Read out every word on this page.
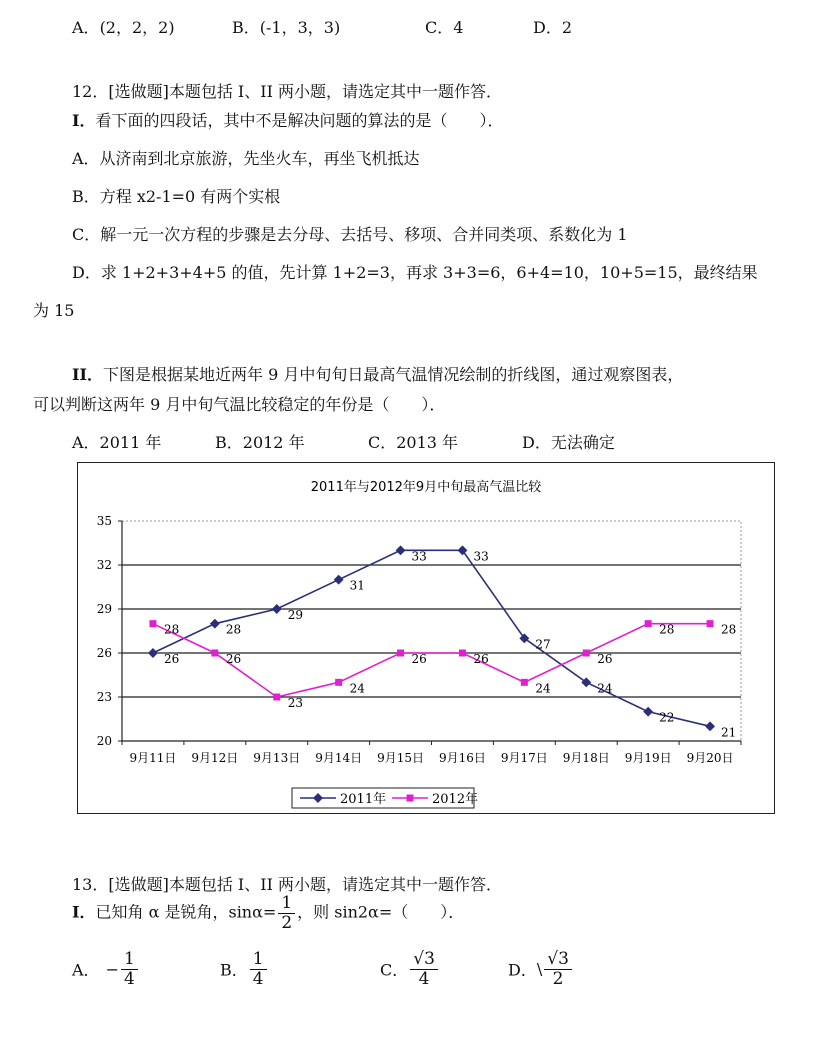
A．(2，2，2)	B．(-1，3，3)	C．4	D．2
12．[选做题]本题包括 I、II 两小题，请选定其中一题作答．
I．看下面的四段话，其中不是解决问题的算法的是（　　）．
A．从济南到北京旅游，先坐火车，再坐飞机抵达
B．方程 x2-1=0 有两个实根
C．解一元一次方程的步骤是去分母、去括号、移项、合并同类项、系数化为 1
D．求 1+2+3+4+5 的值，先计算 1+2=3，再求 3+3=6，6+4=10，10+5=15，最终结果
为 15
II．下图是根据某地近两年 9 月中旬旬日最高气温情况绘制的折线图，通过观察图表，
可以判断这两年 9 月中旬气温比较稳定的年份是（　　）．
A．2011 年	B．2012 年	C．2013 年	D．无法确定
2011年与2012年9月中旬最高气温比较
20
23
26
29
32
35
9月11日 9月12日 9月13日 9月14日 9月15日 9月16日 9月17日 9月18日 9月19日 9月20日
26
28
29
31
33	33
27
24
22
21
28
26
23
24
26	26
24
26
28	28
2011年	2012年
13．[选做题]本题包括 I、II 两小题，请选定其中一题作答．
I．已知角 α 是锐角，$\sin\alpha= \frac{1}{2}$ ，则 sin2α=（　　）．
A． − $\frac{1}{4}$	B． $\frac{1}{4}$	C． $\frac{√3}{4}$	D．\ $\frac{√3}{2}$
